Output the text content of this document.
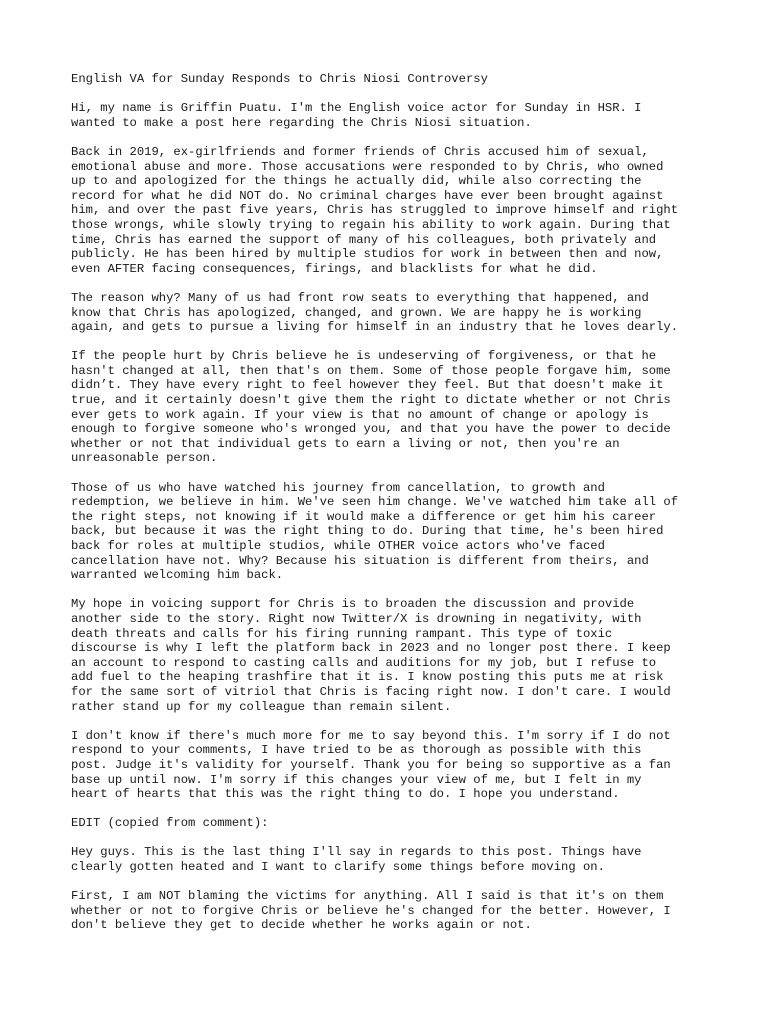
English VA for Sunday Responds to Chris Niosi Controversy
Hi, my name is Griffin Puatu. I'm the English voice actor for Sunday in HSR. I
wanted to make a post here regarding the Chris Niosi situation.
Back in 2019, ex-girlfriends and former friends of Chris accused him of sexual,
emotional abuse and more. Those accusations were responded to by Chris, who owned
up to and apologized for the things he actually did, while also correcting the
record for what he did NOT do. No criminal charges have ever been brought against
him, and over the past five years, Chris has struggled to improve himself and right
those wrongs, while slowly trying to regain his ability to work again. During that
time, Chris has earned the support of many of his colleagues, both privately and
publicly. He has been hired by multiple studios for work in between then and now,
even AFTER facing consequences, firings, and blacklists for what he did.
The reason why? Many of us had front row seats to everything that happened, and
know that Chris has apologized, changed, and grown. We are happy he is working
again, and gets to pursue a living for himself in an industry that he loves dearly.
If the people hurt by Chris believe he is undeserving of forgiveness, or that he
hasn't changed at all, then that's on them. Some of those people forgave him, some
didn’t. They have every right to feel however they feel. But that doesn't make it
true, and it certainly doesn't give them the right to dictate whether or not Chris
ever gets to work again. If your view is that no amount of change or apology is
enough to forgive someone who's wronged you, and that you have the power to decide
whether or not that individual gets to earn a living or not, then you're an
unreasonable person.
Those of us who have watched his journey from cancellation, to growth and
redemption, we believe in him. We've seen him change. We've watched him take all of
the right steps, not knowing if it would make a difference or get him his career
back, but because it was the right thing to do. During that time, he's been hired
back for roles at multiple studios, while OTHER voice actors who've faced
cancellation have not. Why? Because his situation is different from theirs, and
warranted welcoming him back.
My hope in voicing support for Chris is to broaden the discussion and provide
another side to the story. Right now Twitter/X is drowning in negativity, with
death threats and calls for his firing running rampant. This type of toxic
discourse is why I left the platform back in 2023 and no longer post there. I keep
an account to respond to casting calls and auditions for my job, but I refuse to
add fuel to the heaping trashfire that it is. I know posting this puts me at risk
for the same sort of vitriol that Chris is facing right now. I don't care. I would
rather stand up for my colleague than remain silent.
I don't know if there's much more for me to say beyond this. I'm sorry if I do not
respond to your comments, I have tried to be as thorough as possible with this
post. Judge it's validity for yourself. Thank you for being so supportive as a fan
base up until now. I'm sorry if this changes your view of me, but I felt in my
heart of hearts that this was the right thing to do. I hope you understand.
EDIT (copied from comment):
Hey guys. This is the last thing I'll say in regards to this post. Things have
clearly gotten heated and I want to clarify some things before moving on.
First, I am NOT blaming the victims for anything. All I said is that it's on them
whether or not to forgive Chris or believe he's changed for the better. However, I
don't believe they get to decide whether he works again or not.
